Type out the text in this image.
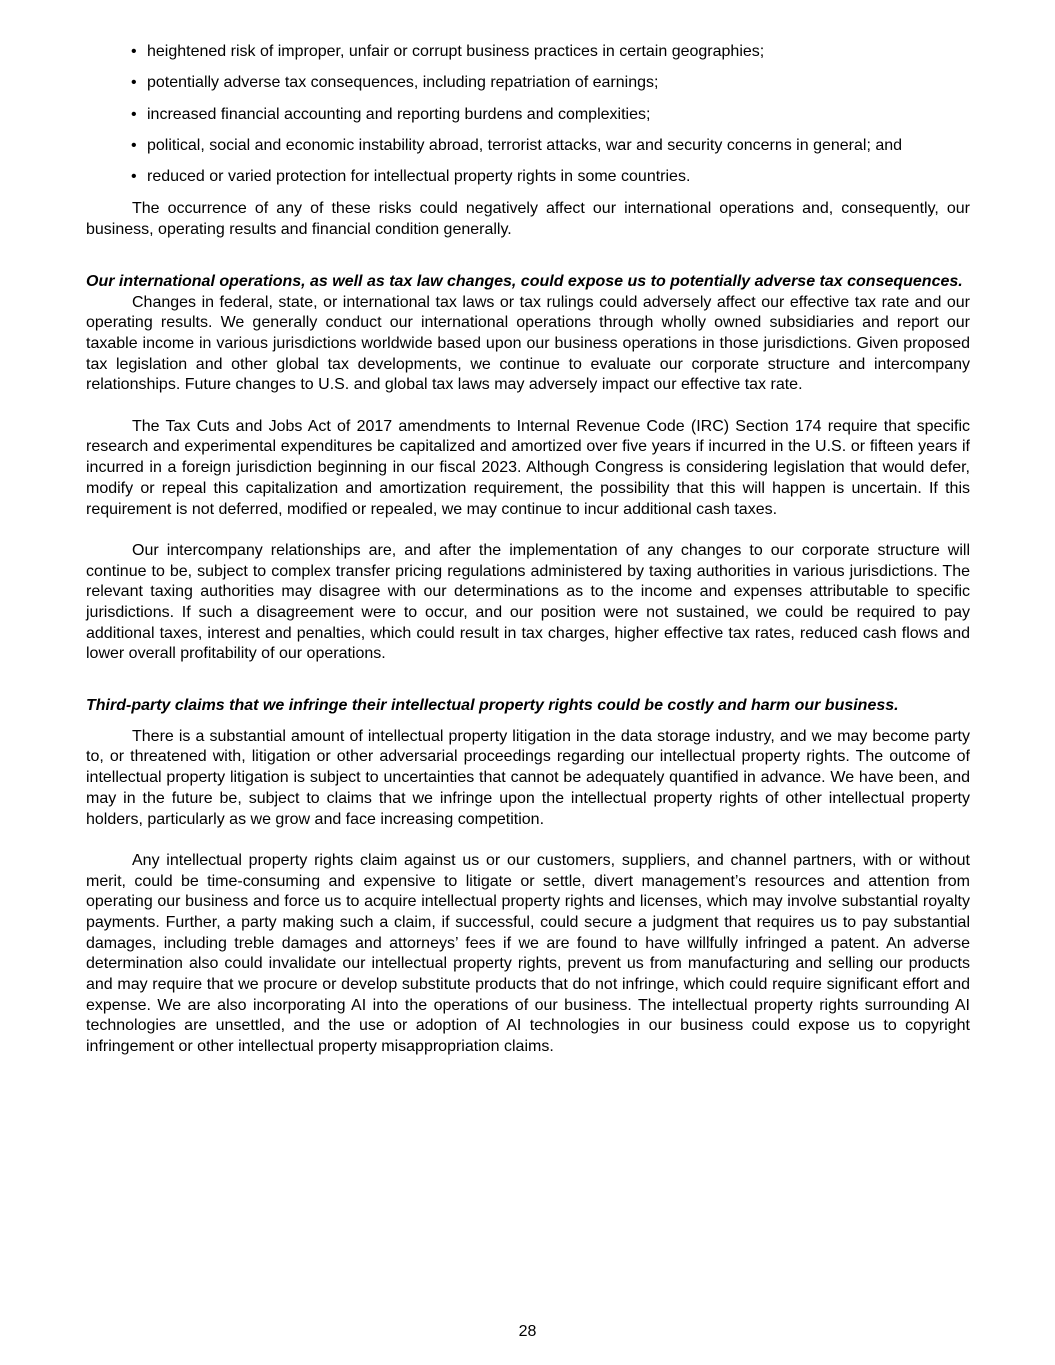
• heightened risk of improper, unfair or corrupt business practices in certain geographies;
• potentially adverse tax consequences, including repatriation of earnings;
• increased financial accounting and reporting burdens and complexities;
• political, social and economic instability abroad, terrorist attacks, war and security concerns in general; and
• reduced or varied protection for intellectual property rights in some countries.

The occurrence of any of these risks could negatively affect our international operations and, consequently, our business, operating results and financial condition generally.

Our international operations, as well as tax law changes, could expose us to potentially adverse tax consequences.

Changes in federal, state, or international tax laws or tax rulings could adversely affect our effective tax rate and our operating results. We generally conduct our international operations through wholly owned subsidiaries and report our taxable income in various jurisdictions worldwide based upon our business operations in those jurisdictions. Given proposed tax legislation and other global tax developments, we continue to evaluate our corporate structure and intercompany relationships. Future changes to U.S. and global tax laws may adversely impact our effective tax rate.

The Tax Cuts and Jobs Act of 2017 amendments to Internal Revenue Code (IRC) Section 174 require that specific research and experimental expenditures be capitalized and amortized over five years if incurred in the U.S. or fifteen years if incurred in a foreign jurisdiction beginning in our fiscal 2023. Although Congress is considering legislation that would defer, modify or repeal this capitalization and amortization requirement, the possibility that this will happen is uncertain. If this requirement is not deferred, modified or repealed, we may continue to incur additional cash taxes.

Our intercompany relationships are, and after the implementation of any changes to our corporate structure will continue to be, subject to complex transfer pricing regulations administered by taxing authorities in various jurisdictions. The relevant taxing authorities may disagree with our determinations as to the income and expenses attributable to specific jurisdictions. If such a disagreement were to occur, and our position were not sustained, we could be required to pay additional taxes, interest and penalties, which could result in tax charges, higher effective tax rates, reduced cash flows and lower overall profitability of our operations.

Third-party claims that we infringe their intellectual property rights could be costly and harm our business.

There is a substantial amount of intellectual property litigation in the data storage industry, and we may become party to, or threatened with, litigation or other adversarial proceedings regarding our intellectual property rights. The outcome of intellectual property litigation is subject to uncertainties that cannot be adequately quantified in advance. We have been, and may in the future be, subject to claims that we infringe upon the intellectual property rights of other intellectual property holders, particularly as we grow and face increasing competition.

Any intellectual property rights claim against us or our customers, suppliers, and channel partners, with or without merit, could be time-consuming and expensive to litigate or settle, divert management’s resources and attention from operating our business and force us to acquire intellectual property rights and licenses, which may involve substantial royalty payments. Further, a party making such a claim, if successful, could secure a judgment that requires us to pay substantial damages, including treble damages and attorneys’ fees if we are found to have willfully infringed a patent. An adverse determination also could invalidate our intellectual property rights, prevent us from manufacturing and selling our products and may require that we procure or develop substitute products that do not infringe, which could require significant effort and expense. We are also incorporating AI into the operations of our business. The intellectual property rights surrounding AI technologies are unsettled, and the use or adoption of AI technologies in our business could expose us to copyright infringement or other intellectual property misappropriation claims.

28
